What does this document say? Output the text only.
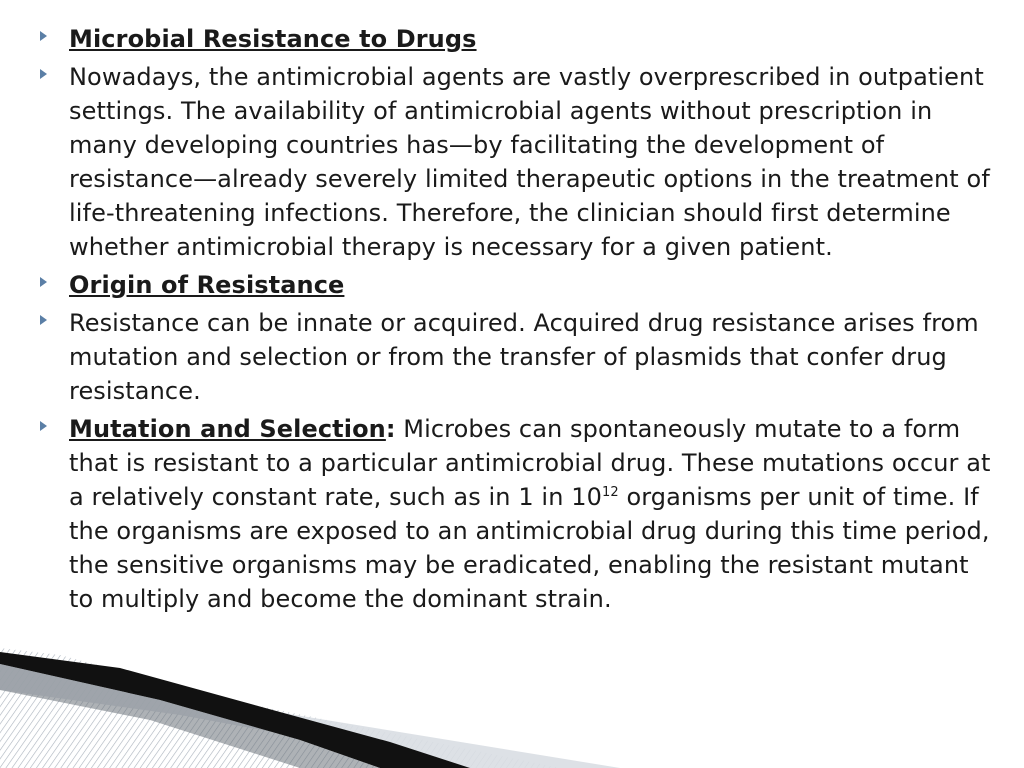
Microbial Resistance to Drugs
Nowadays, the antimicrobial agents are vastly overprescribed in outpatient settings. The availability of antimicrobial agents without prescription in many developing countries has—by facilitating the development of resistance—already severely limited therapeutic options in the treatment of life-threatening infections. Therefore, the clinician should first determine whether antimicrobial therapy is necessary for a given patient.
Origin of Resistance
Resistance can be innate or acquired. Acquired drug resistance arises from mutation and selection or from the transfer of plasmids that confer drug resistance.
Mutation and Selection: Microbes can spontaneously mutate to a form that is resistant to a particular antimicrobial drug. These mutations occur at a relatively constant rate, such as in 1 in $10^{12}$ organisms per unit of time. If the organisms are exposed to an antimicrobial drug during this time period, the sensitive organisms may be eradicated, enabling the resistant mutant to multiply and become the dominant strain.
